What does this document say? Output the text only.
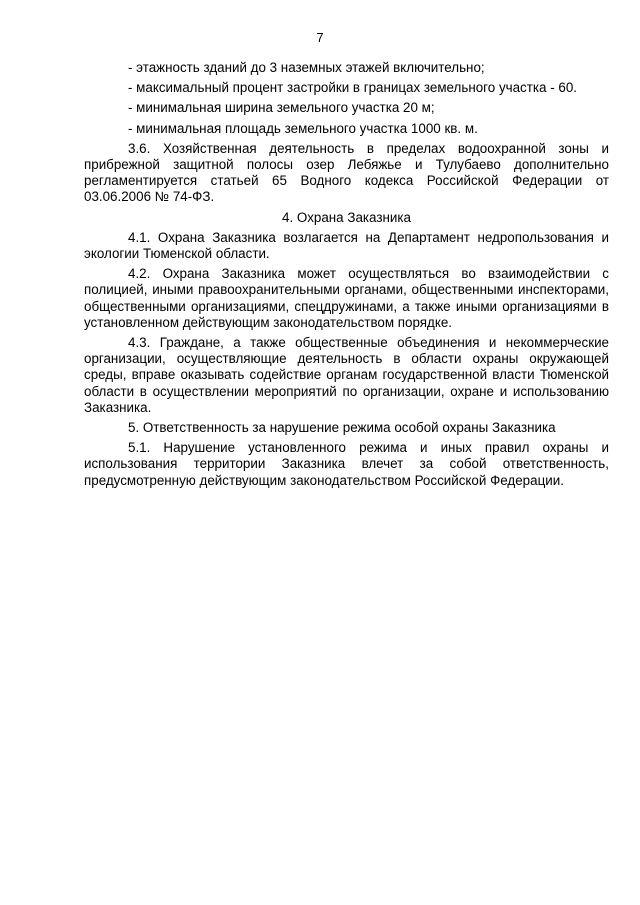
7
- этажность зданий до 3 наземных этажей включительно;
- максимальный процент застройки в границах земельного участка - 60.
- минимальная ширина земельного участка 20 м;
- минимальная площадь земельного участка 1000 кв. м.

3.6. Хозяйственная деятельность в пределах водоохранной зоны и прибрежной защитной полосы озер Лебяжье и Тулубаево дополнительно регламентируется статьей 65 Водного кодекса Российской Федерации от 03.06.2006 № 74-ФЗ.

4. Охрана Заказника

4.1. Охрана Заказника возлагается на Департамент недропользования и экологии Тюменской области.

4.2. Охрана Заказника может осуществляться во взаимодействии с полицией, иными правоохранительными органами, общественными инспекторами, общественными организациями, спецдружинами, а также иными организациями в установленном действующим законодательством порядке.

4.3. Граждане, а также общественные объединения и некоммерческие организации, осуществляющие деятельность в области охраны окружающей среды, вправе оказывать содействие органам государственной власти Тюменской области в осуществлении мероприятий по организации, охране и использованию Заказника.

5. Ответственность за нарушение режима особой охраны Заказника

5.1. Нарушение установленного режима и иных правил охраны и использования территории Заказника влечет за собой ответственность, предусмотренную действующим законодательством Российской Федерации.
